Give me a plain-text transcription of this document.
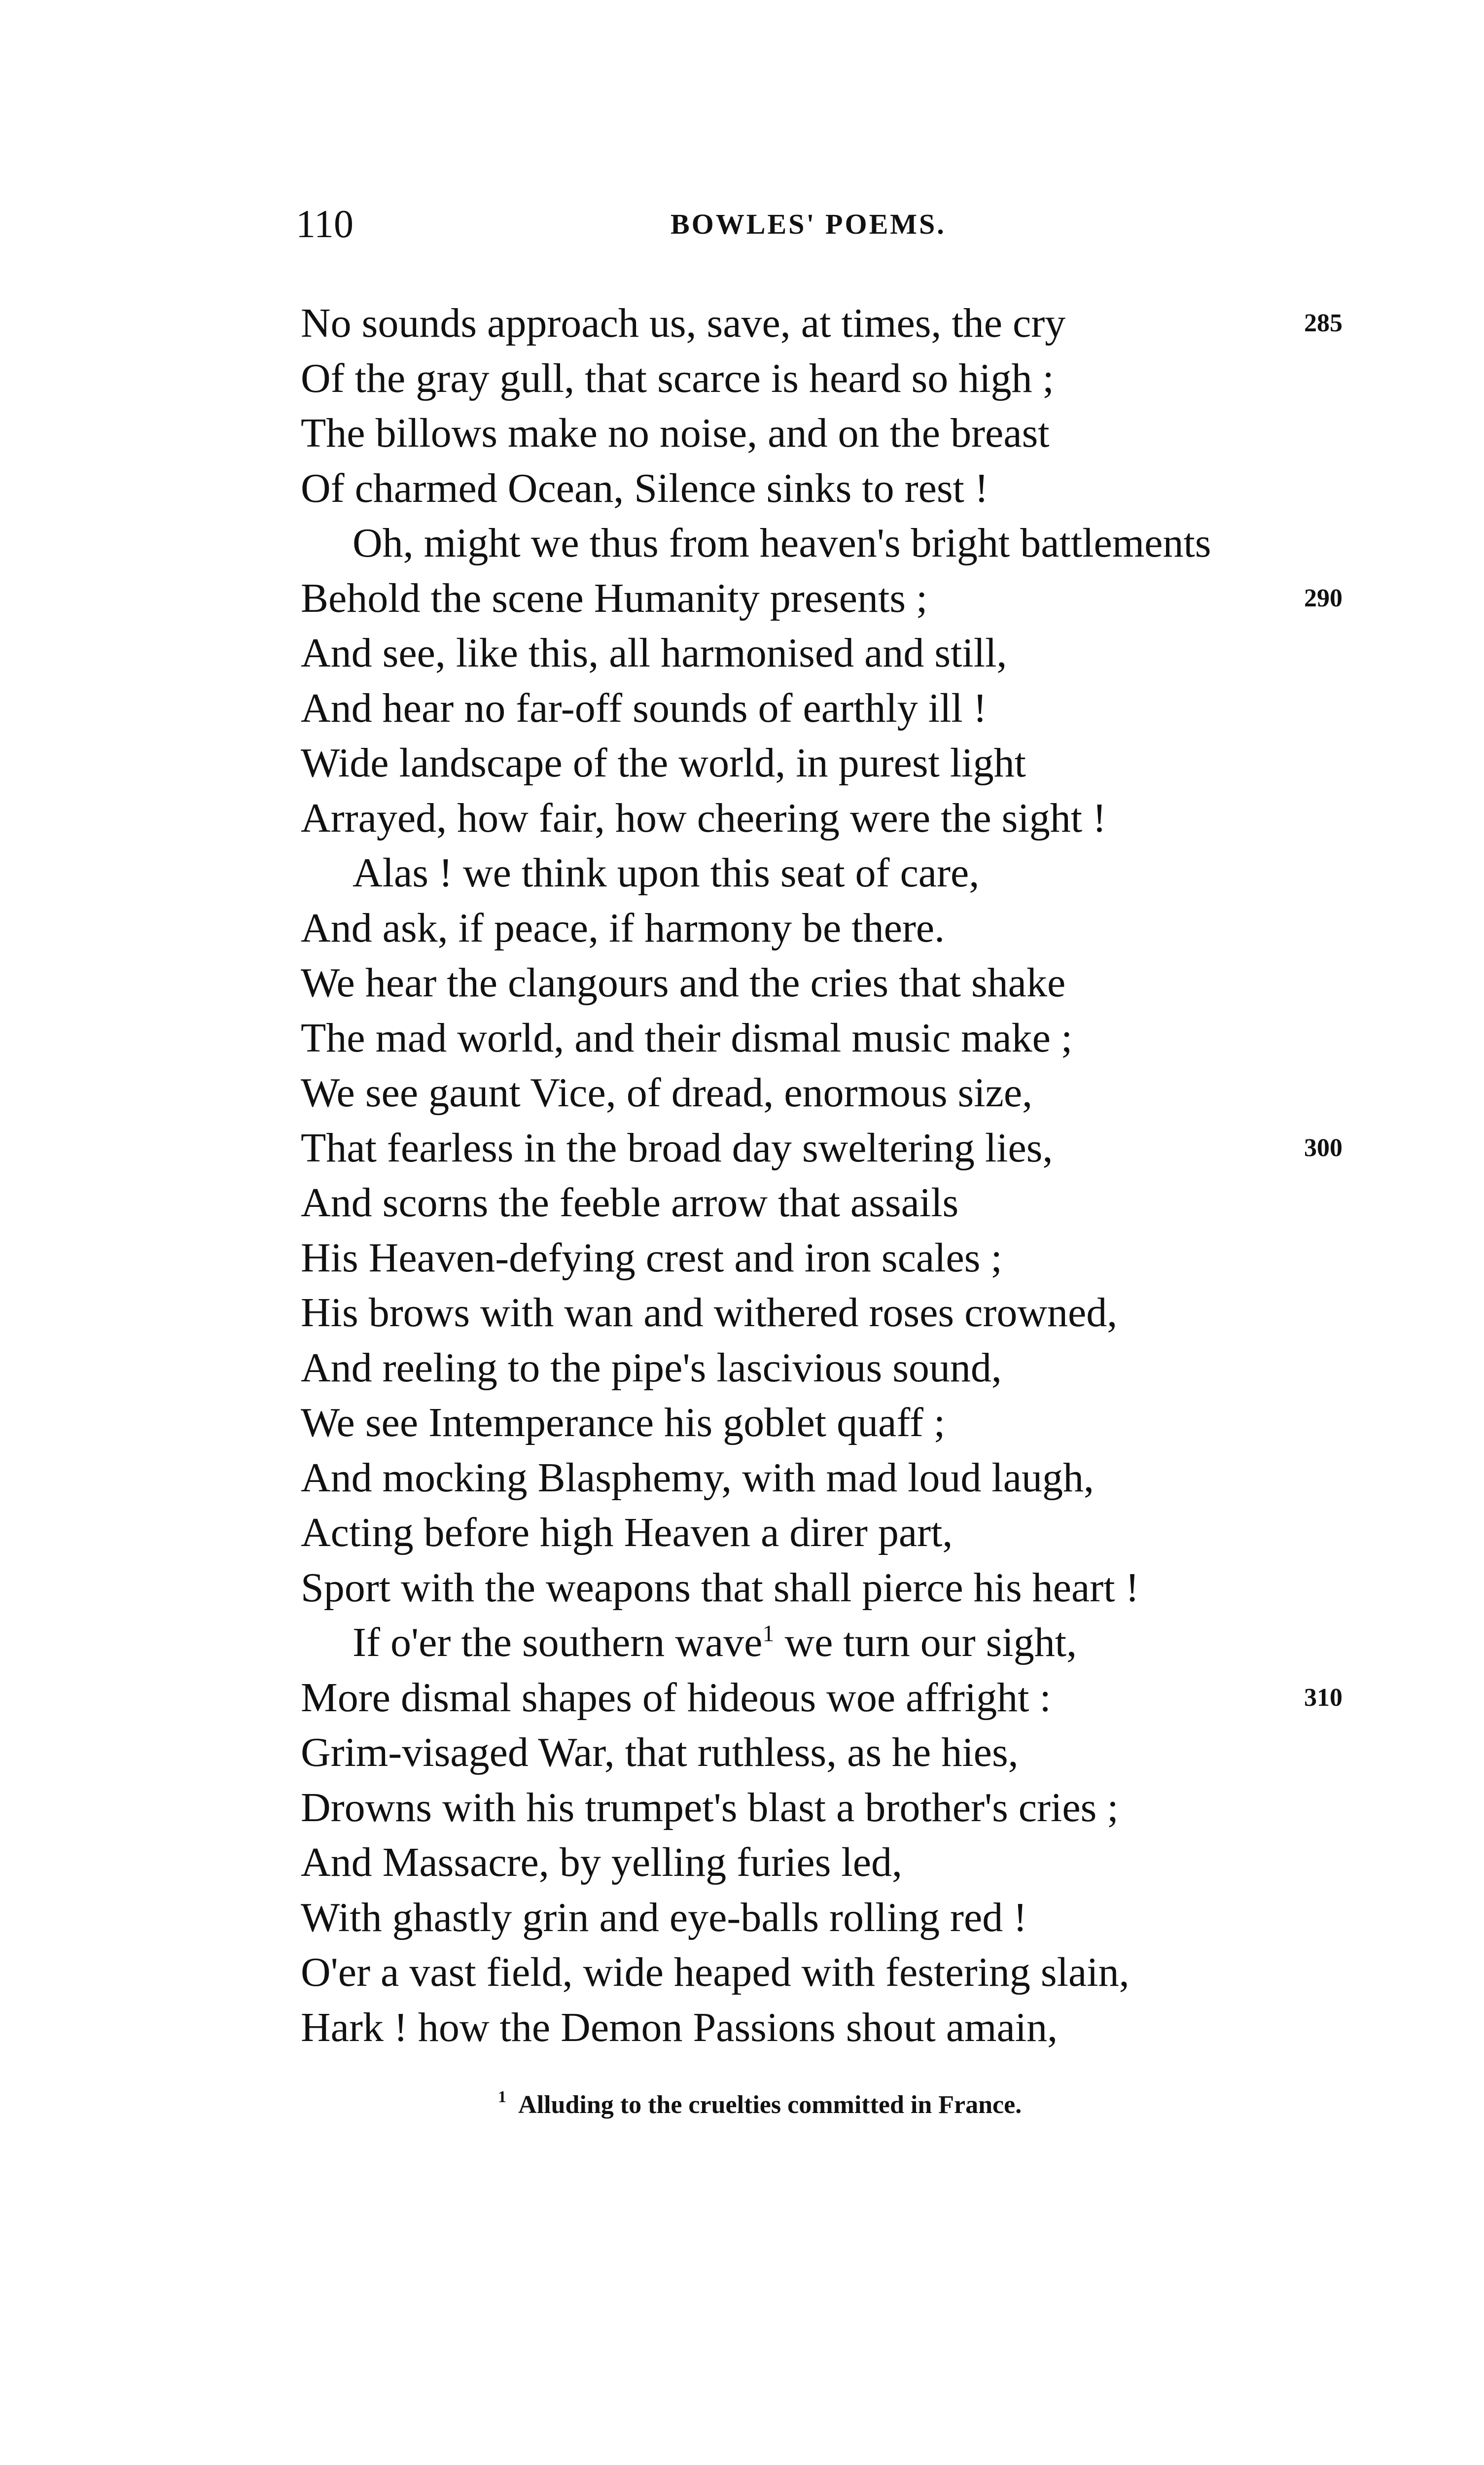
110	BOWLES' POEMS.
No sounds approach us, save, at times, the cry	285
Of the gray gull, that scarce is heard so high ;
The billows make no noise, and on the breast
Of charmed Ocean, Silence sinks to rest !
Oh, might we thus from heaven's bright battlements
Behold the scene Humanity presents ;	290
And see, like this, all harmonised and still,
And hear no far-off sounds of earthly ill !
Wide landscape of the world, in purest light
Arrayed, how fair, how cheering were the sight !
Alas ! we think upon this seat of care,
And ask, if peace, if harmony be there.
We hear the clangours and the cries that shake
The mad world, and their dismal music make ;
We see gaunt Vice, of dread, enormous size,
That fearless in the broad day sweltering lies,	300
And scorns the feeble arrow that assails
His Heaven-defying crest and iron scales ;
His brows with wan and withered roses crowned,
And reeling to the pipe's lascivious sound,
We see Intemperance his goblet quaff ;
And mocking Blasphemy, with mad loud laugh,
Acting before high Heaven a direr part,
Sport with the weapons that shall pierce his heart !
If o'er the southern wave$^1$ we turn our sight,
More dismal shapes of hideous woe affright :	310
Grim-visaged War, that ruthless, as he hies,
Drowns with his trumpet's blast a brother's cries ;
And Massacre, by yelling furies led,
With ghastly grin and eye-balls rolling red !
O'er a vast field, wide heaped with festering slain,
Hark ! how the Demon Passions shout amain,
$^1$ Alluding to the cruelties committed in France.
